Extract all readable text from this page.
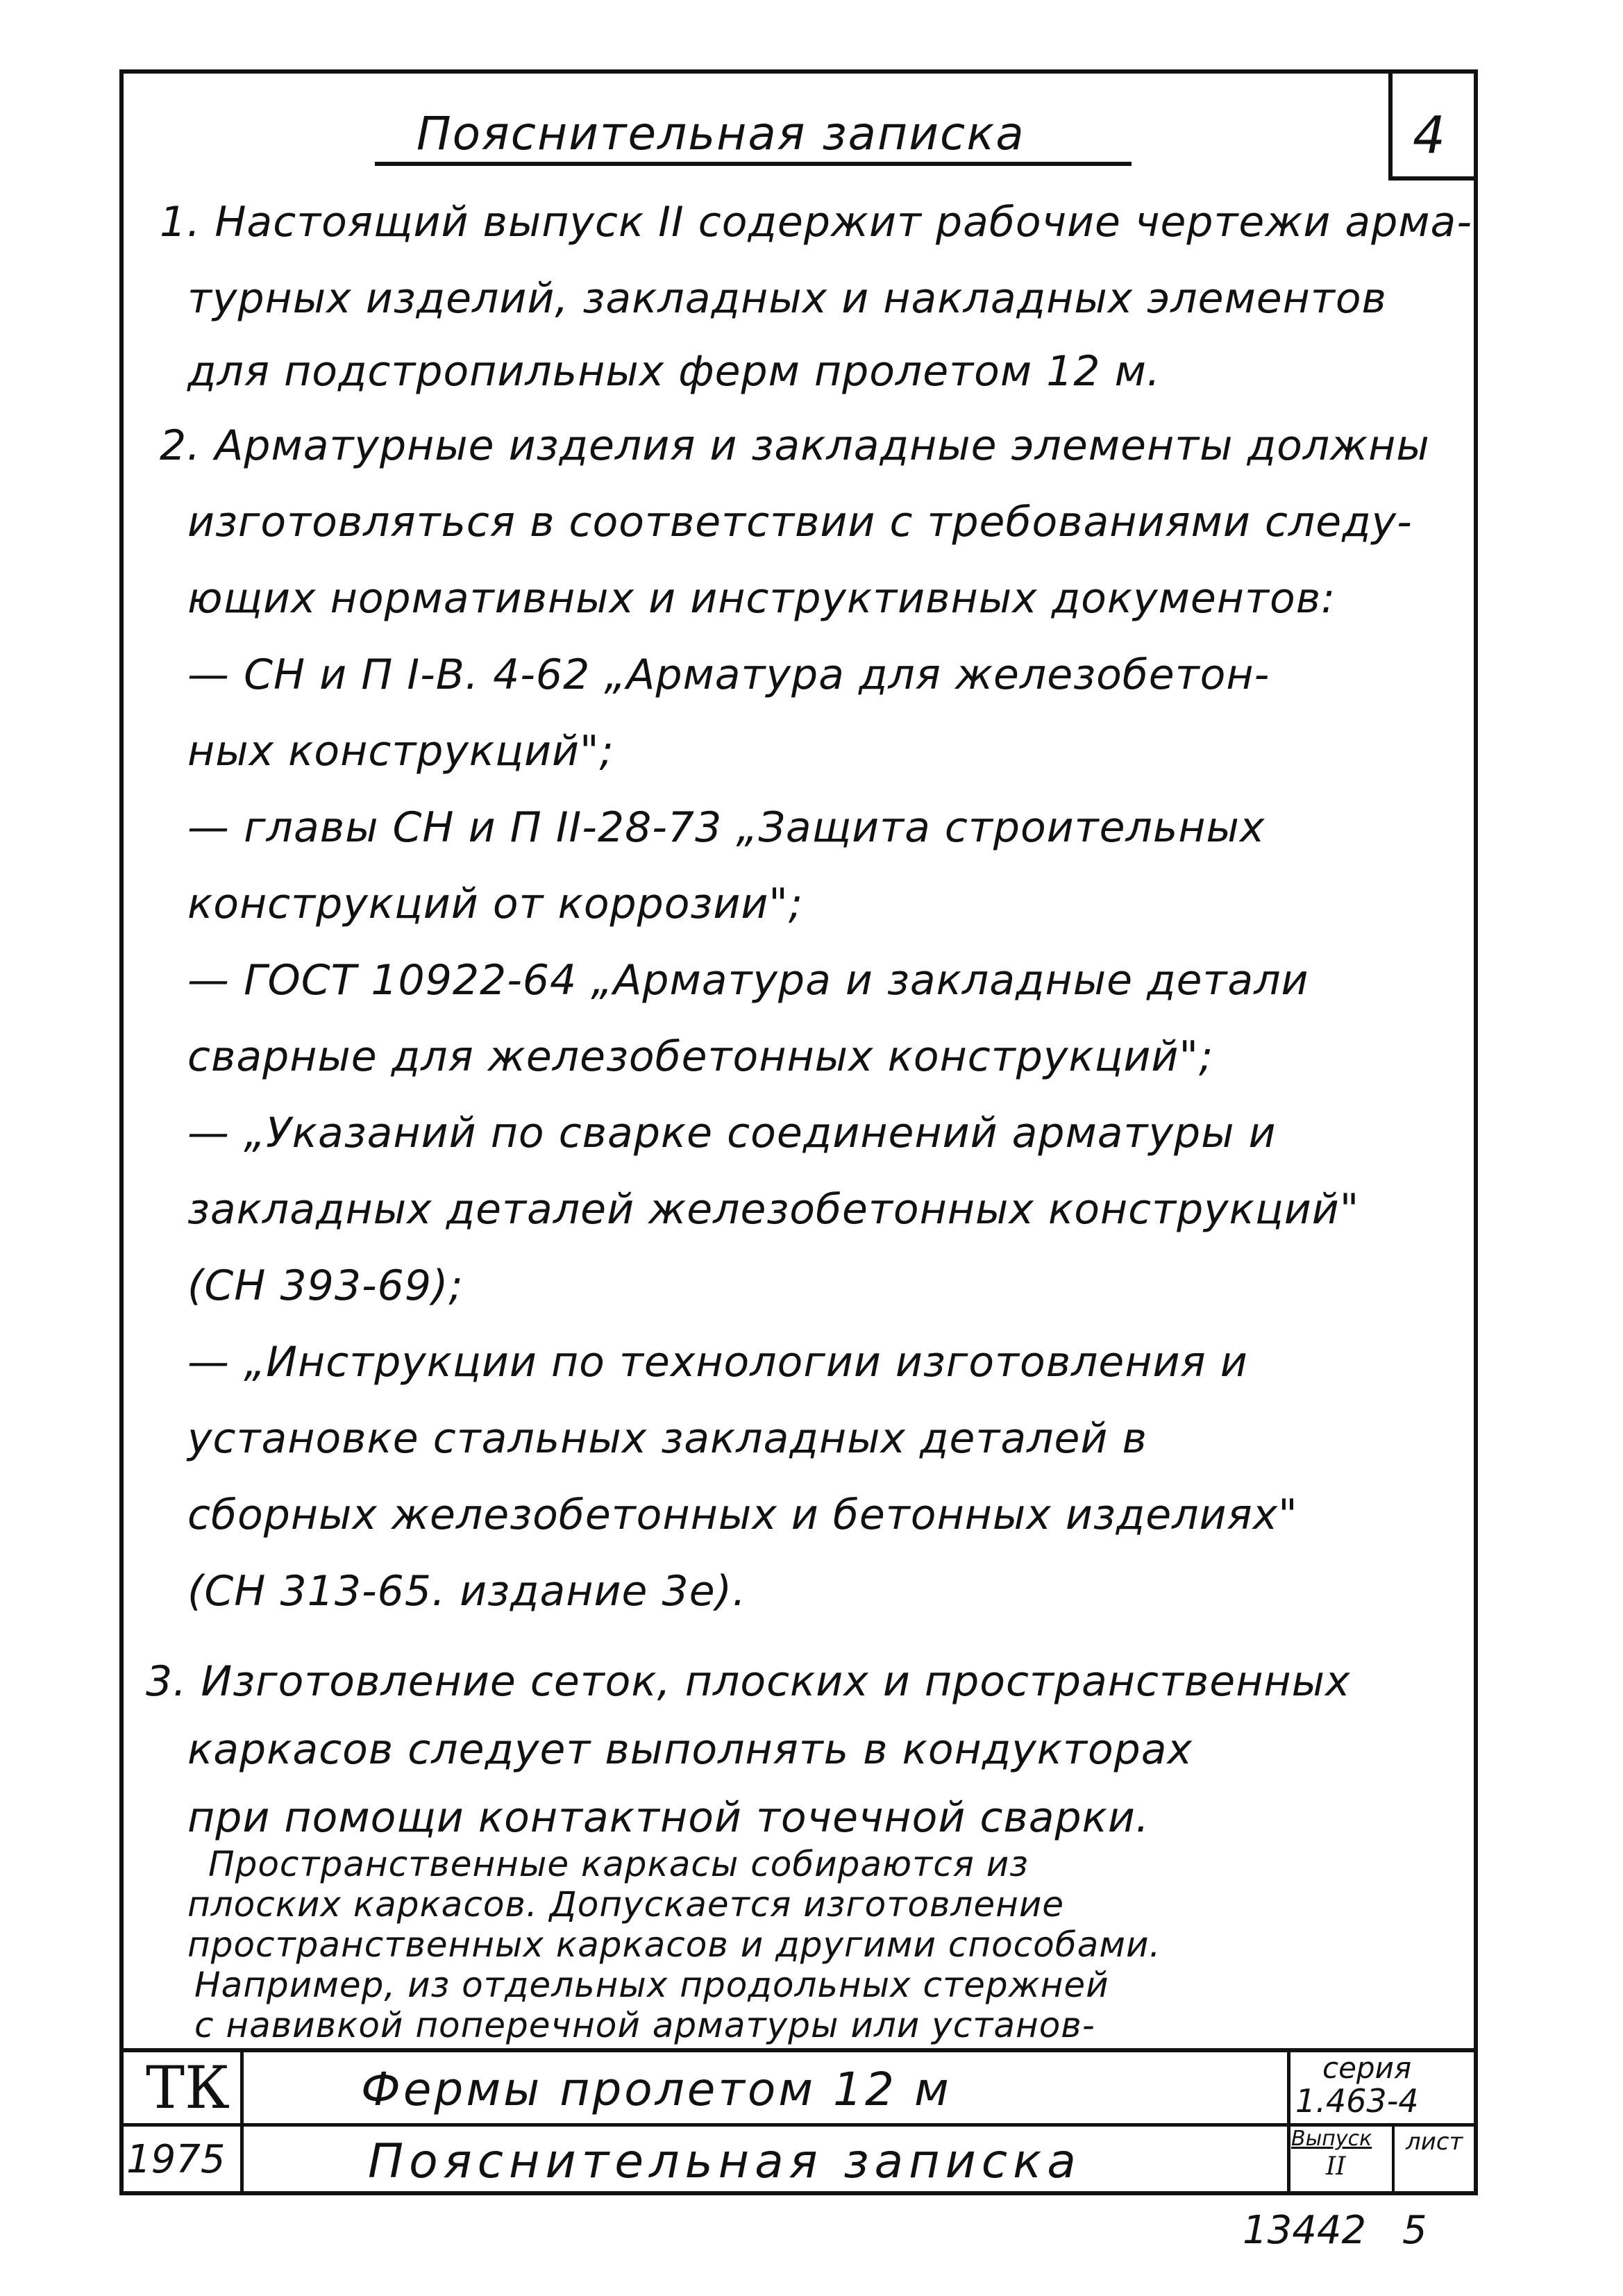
4
Пояснительная записка
1. Настоящий выпуск II содержит рабочие чертежи арма-
турных изделий, закладных и накладных элементов
для подстропильных ферм пролетом 12 м.
2. Арматурные изделия и закладные элементы должны
изготовляться в соответствии с требованиями следу-
ющих нормативных и инструктивных документов:
— СН и П I-В. 4-62 „Арматура для железобетон-
ных конструкций";
— главы СН и П II-28-73 „Защита строительных
конструкций от коррозии";
— ГОСТ 10922-64 „Арматура и закладные детали
сварные для железобетонных конструкций";
— „Указаний по сварке соединений арматуры и
закладных деталей железобетонных конструкций"
(СН 393-69);
— „Инструкции по технологии изготовления и
установке стальных закладных деталей в
сборных железобетонных и бетонных изделиях"
(СН 313-65. издание 3е).
3. Изготовление сеток, плоских и пространственных
каркасов следует выполнять в кондукторах
при помощи контактной точечной сварки.
Пространственные каркасы собираются из
плоских каркасов. Допускается изготовление
пространственных каркасов и другими способами.
Например, из отдельных продольных стержней
с навивкой поперечной арматуры или установ-
ТК
1975
Фермы пролетом 12 м
Пояснительная записка
серия
1.463-4
Выпуск
II
лист
13442 5
